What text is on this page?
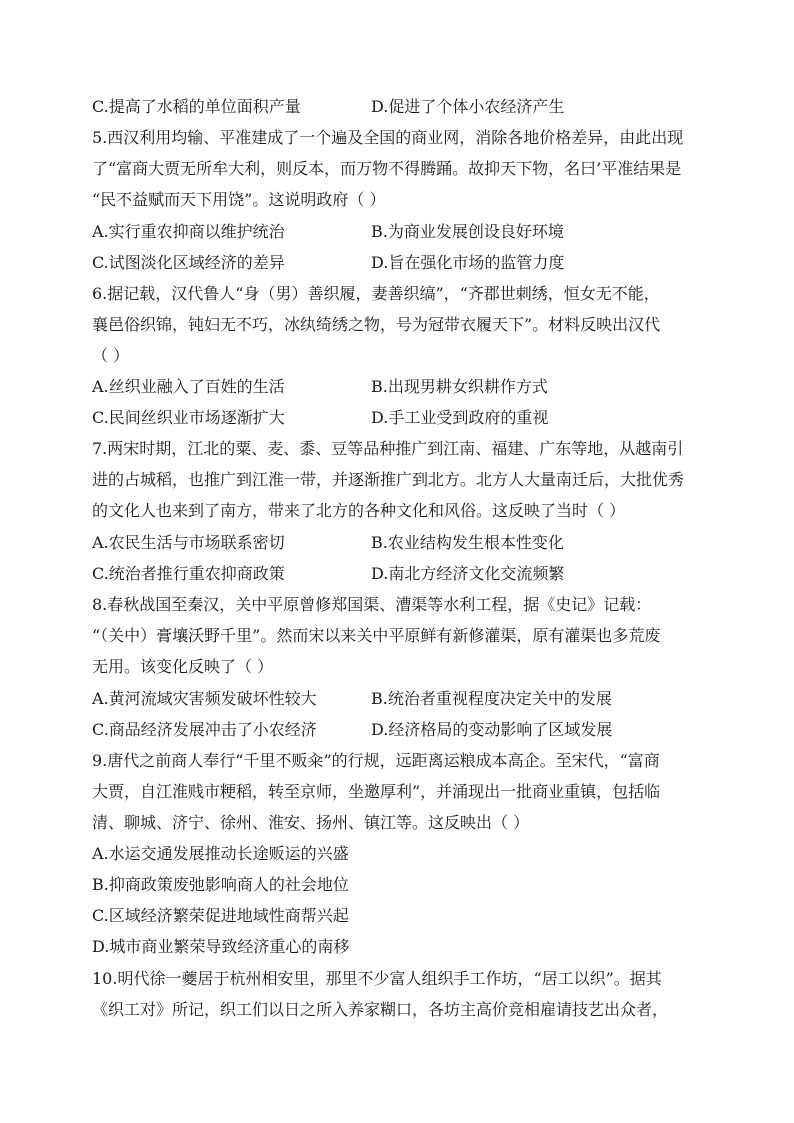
C.提高了水稻的单位面积产量	D.促进了个体小农经济产生
5.西汉利用均输、平准建成了一个遍及全国的商业网，消除各地价格差异，由此出现
了“富商大贾无所牟大利，则反本，而万物不得腾踊。故抑天下物，名曰’平准结果是
“民不益赋而天下用饶”。这说明政府（ ）
A.实行重农抑商以维护统治	B.为商业发展创设良好环境
C.试图淡化区域经济的差异	D.旨在强化市场的监管力度
6.据记载，汉代鲁人“身（男）善织履，妻善织缟”，“齐郡世刺绣，恒女无不能，
襄邑俗织锦，钝妇无不巧，冰纨绮绣之物，号为冠带衣履天下”。材料反映出汉代
（ ）
A.丝织业融入了百姓的生活	B.出现男耕女织耕作方式
C.民间丝织业市场逐渐扩大	D.手工业受到政府的重视
7.两宋时期，江北的粟、麦、黍、豆等品种推广到江南、福建、广东等地，从越南引
进的占城稻，也推广到江淮一带，并逐渐推广到北方。北方人大量南迁后，大批优秀
的文化人也来到了南方，带来了北方的各种文化和风俗。这反映了当时（ ）
A.农民生活与市场联系密切	B.农业结构发生根本性变化
C.统治者推行重农抑商政策	D.南北方经济文化交流频繁
8.春秋战国至秦汉，关中平原曾修郑国渠、漕渠等水利工程，据《史记》记载：
“（关中）膏壤沃野千里”。然而宋以来关中平原鲜有新修灌渠，原有灌渠也多荒废
无用。该变化反映了（ ）
A.黄河流域灾害频发破坏性较大	B.统治者重视程度决定关中的发展
C.商品经济发展冲击了小农经济	D.经济格局的变动影响了区域发展
9.唐代之前商人奉行“千里不贩籴”的行规，远距离运粮成本高企。至宋代，“富商
大贾，自江淮贱市粳稻，转至京师，坐邀厚利”，并涌现出一批商业重镇，包括临
清、聊城、济宁、徐州、淮安、扬州、镇江等。这反映出（ ）
A.水运交通发展推动长途贩运的兴盛
B.抑商政策废弛影响商人的社会地位
C.区域经济繁荣促进地域性商帮兴起
D.城市商业繁荣导致经济重心的南移
10.明代徐一夔居于杭州相安里，那里不少富人组织手工作坊，“居工以织”。据其
《织工对》所记，织工们以日之所入养家糊口，各坊主高价竞相雇请技艺出众者，
